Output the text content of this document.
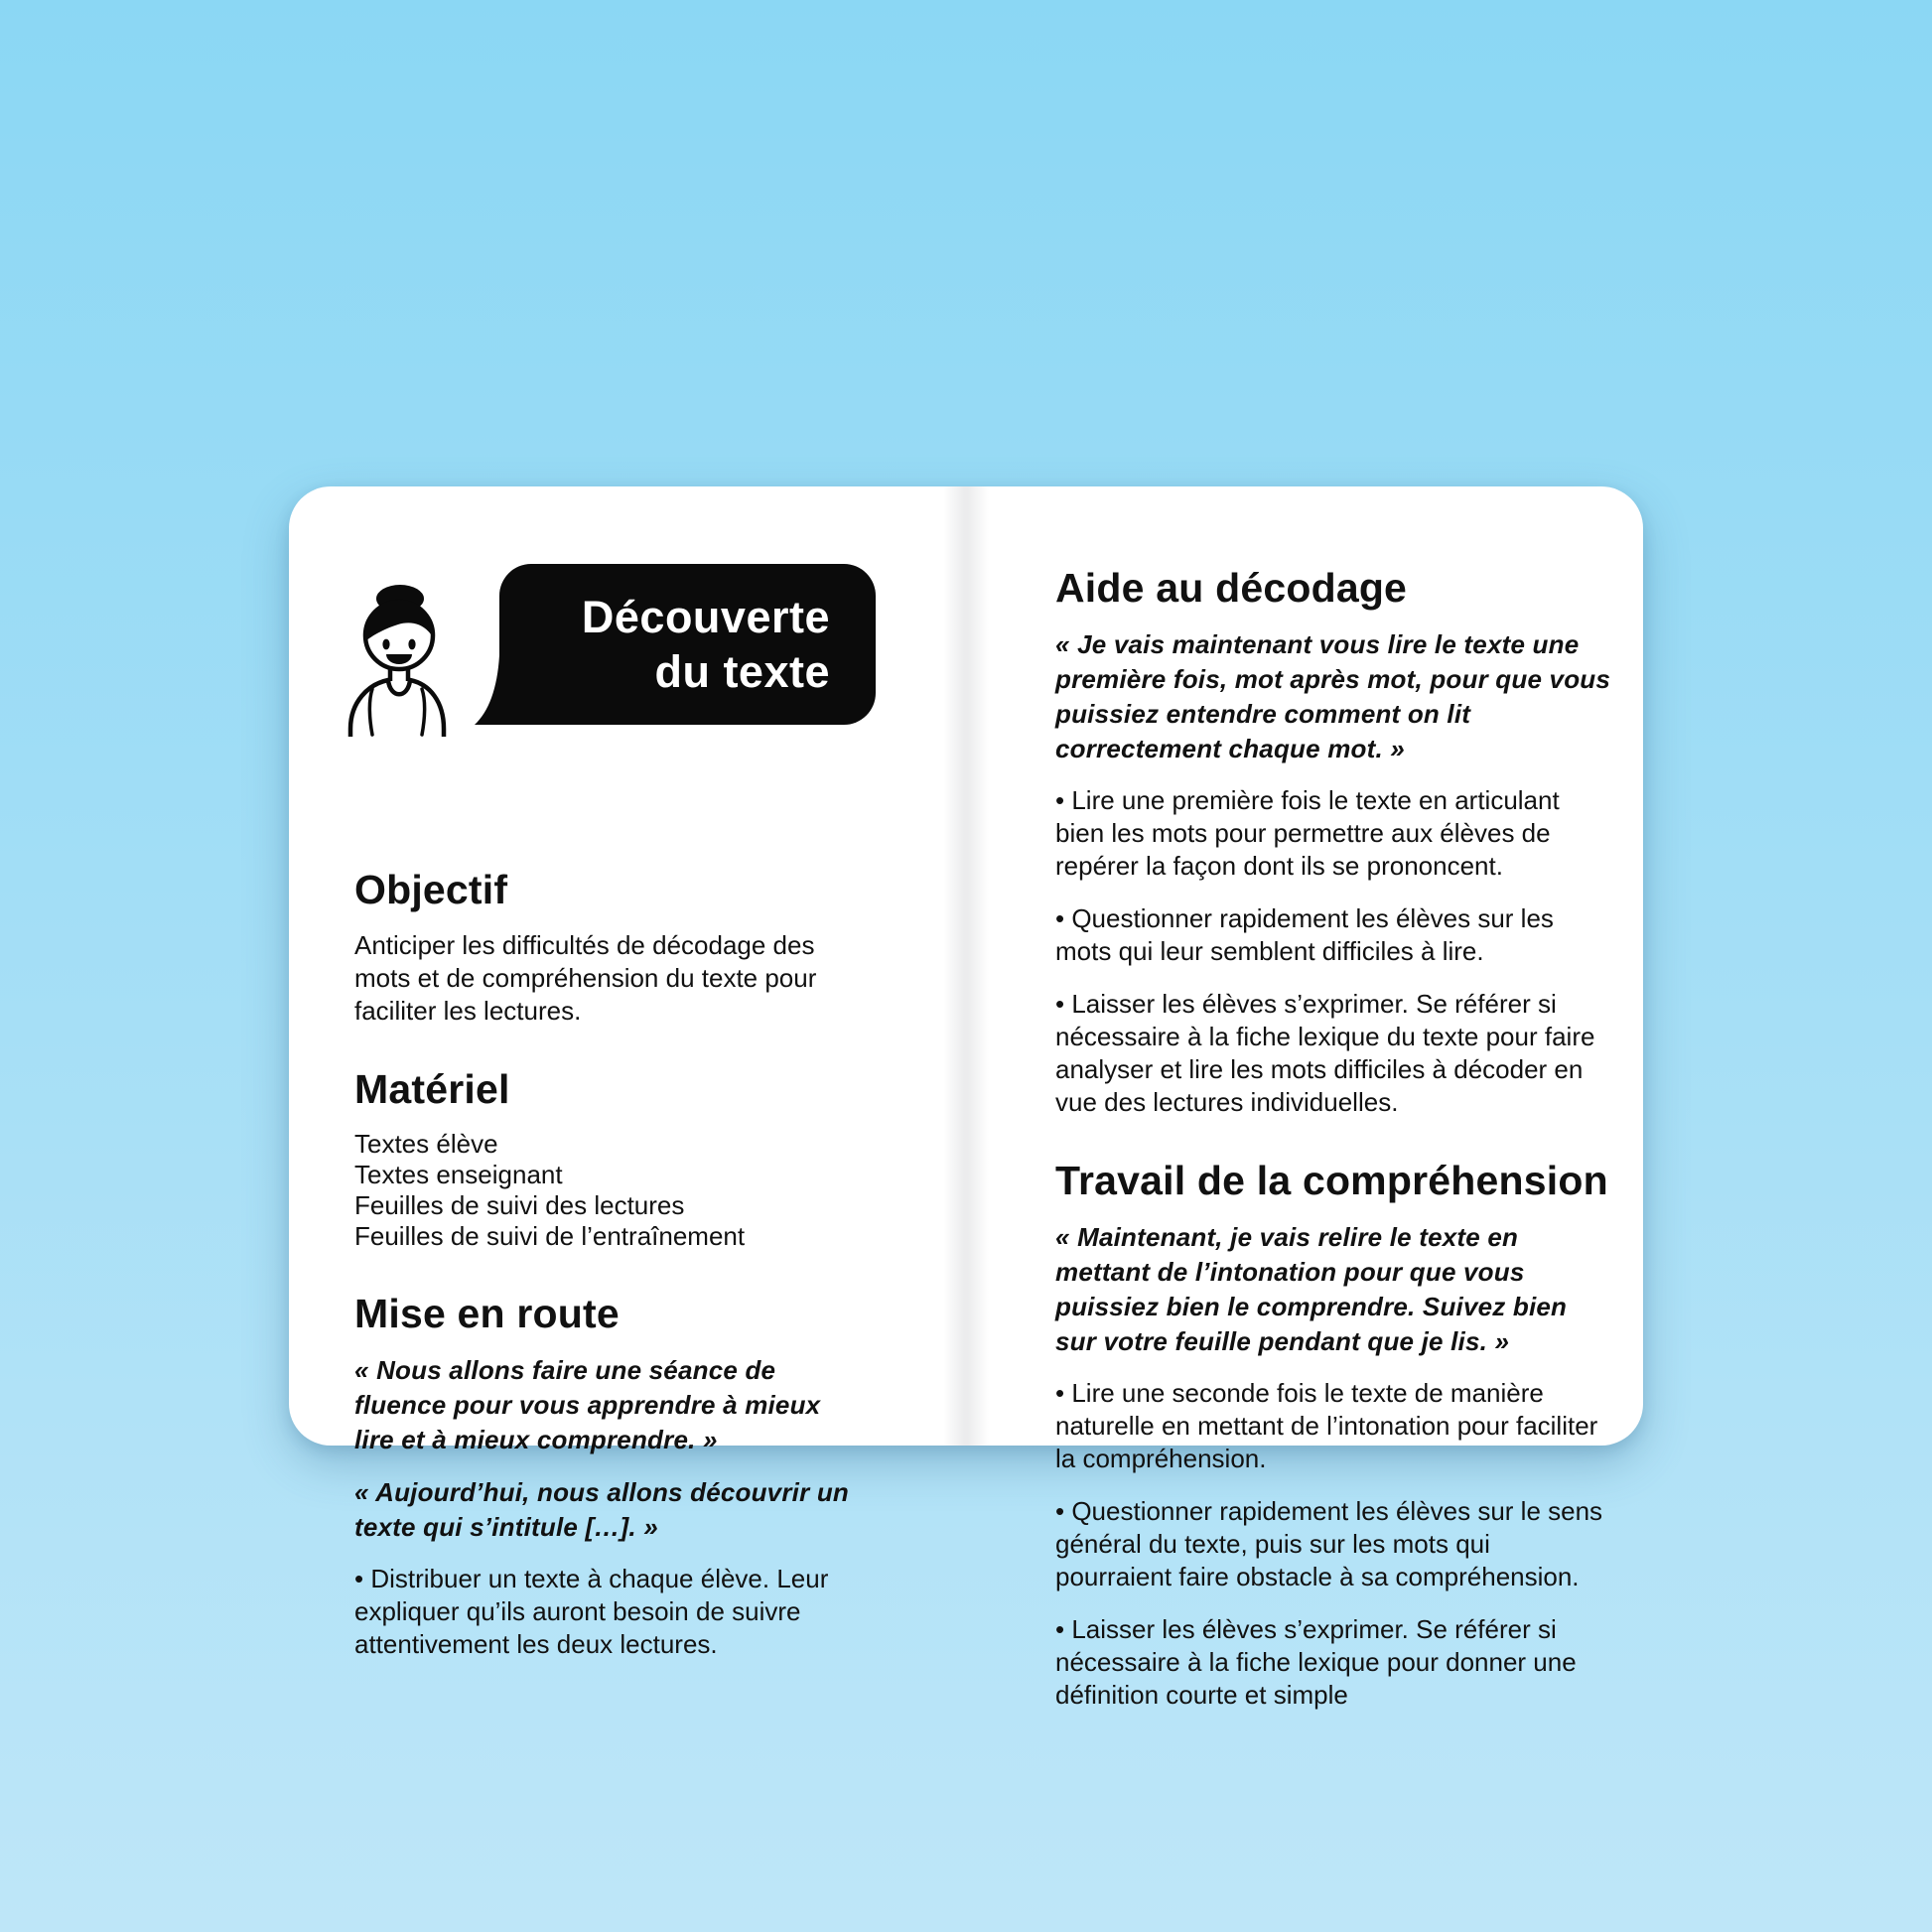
Découverte
du texte
Objectif

Anticiper les difficultés de décodage des mots et de compréhension du texte pour faciliter les lectures.

Matériel
Textes élève
Textes enseignant
Feuilles de suivi des lectures
Feuilles de suivi de l’entraînement
Mise en route

« Nous allons faire une séance de fluence pour vous apprendre à mieux lire et à mieux comprendre. »

« Aujourd’hui, nous allons découvrir un texte qui s’intitule […]. »

• Distribuer un texte à chaque élève. Leur expliquer qu’ils auront besoin de suivre attentivement les deux lectures.

Aide au décodage

« Je vais maintenant vous lire le texte une première fois, mot après mot, pour que vous puissiez entendre comment on lit correctement chaque mot. »

• Lire une première fois le texte en articulant bien les mots pour permettre aux élèves de repérer la façon dont ils se prononcent.

• Questionner rapidement les élèves sur les mots qui leur semblent difficiles à lire.

• Laisser les élèves s’exprimer. Se référer si nécessaire à la fiche lexique du texte pour faire analyser et lire les mots difficiles à décoder en vue des lectures individuelles.

Travail de la compréhension

« Maintenant, je vais relire le texte en mettant de l’intonation pour que vous puissiez bien le comprendre. Suivez bien sur votre feuille pendant que je lis. »

• Lire une seconde fois le texte de manière naturelle en mettant de l’intonation pour faciliter la compréhension.

• Questionner rapidement les élèves sur le sens général du texte, puis sur les mots qui pourraient faire obstacle à sa compréhension.

• Laisser les élèves s’exprimer. Se référer si nécessaire à la fiche lexique pour donner une définition courte et simple
